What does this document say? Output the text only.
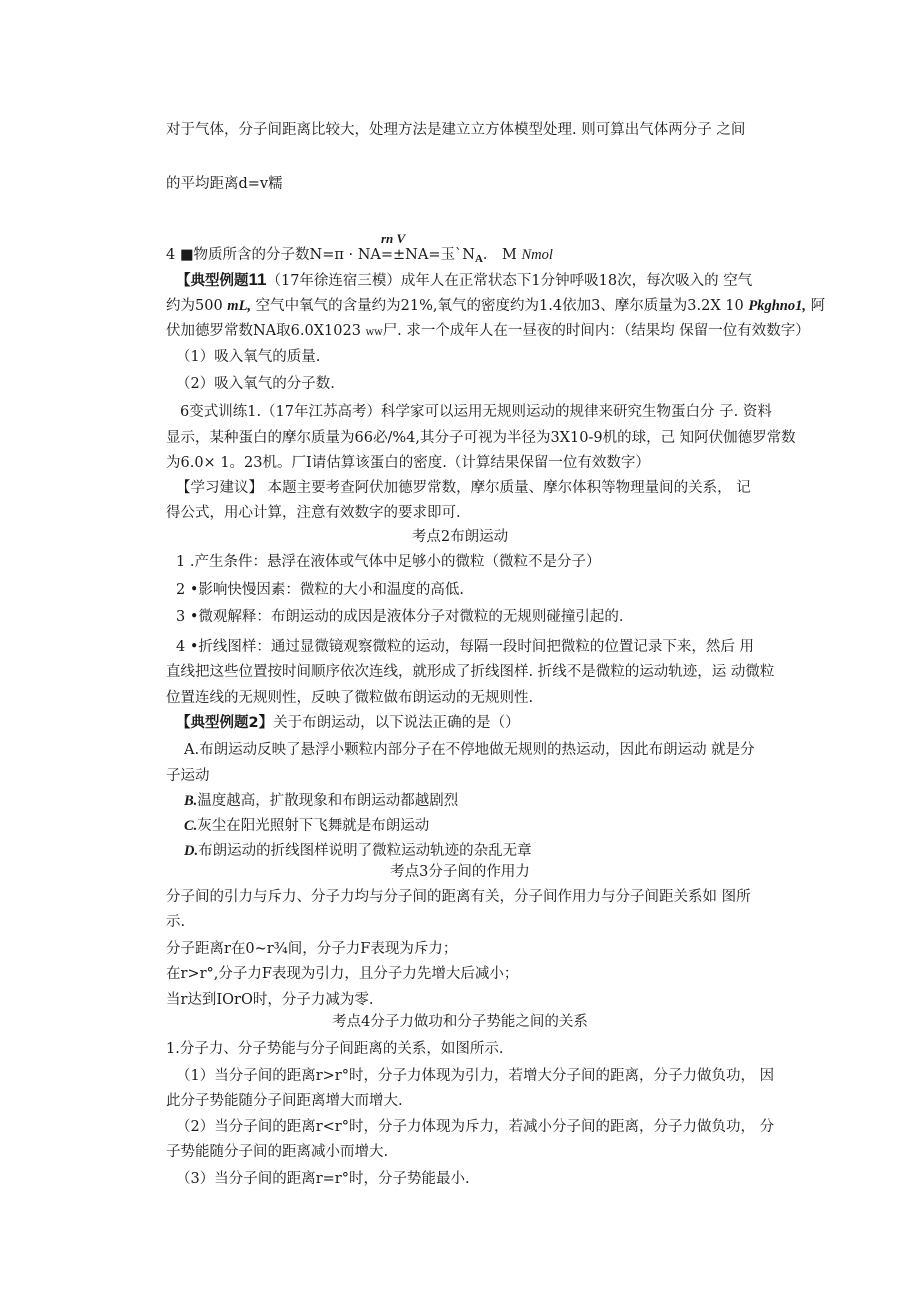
对于气体，分子间距离比较大，处理方法是建立立方体模型处理. 则可算出气体两分子 之间
的平均距离d=v糯
rn V
4 ■物质所含的分子数N=π · NA=±NA=玉$`N_A$． M Nmol
【典型例题11（17年徐连宿三模）成年人在正常状态下1分钟呼吸18次，每次吸入的 空气
约为500 mL, 空气中氧气的含量约为21%,氧气的密度约为1.4依加3、摩尔质量为3.2X 10 Pkghno1, 阿
伏加德罗常数NA取6.0X1023 ww尸. 求一个成年人在一昼夜的时间内：（结果均 保留一位有效数字）
（1）吸入氧气的质量.
（2）吸入氧气的分子数.
6变式训练1.（17年江苏高考）科学家可以运用无规则运动的规律来研究生物蛋白分 子. 资料
显示，某种蛋白的摩尔质量为66必/%4,其分子可视为半径为3X10-9机的球，己 知阿伏伽德罗常数
为6.0× 1。23机。厂I请估算该蛋白的密度.（计算结果保留一位有效数字）
【学习建议】 本题主要考查阿伏加德罗常数，摩尔质量、摩尔体积等物理量间的关系， 记
得公式，用心计算，注意有效数字的要求即可.
考点2布朗运动
1 .产生条件：悬浮在液体或气体中足够小的微粒（微粒不是分子）
2 •影响快慢因素：微粒的大小和温度的高低.
3 •微观解释：布朗运动的成因是液体分子对微粒的无规则碰撞引起的.
4 •折线图样：通过显微镜观察微粒的运动，每隔一段时间把微粒的位置记录下来，然后 用
直线把这些位置按时间顺序依次连线，就形成了折线图样. 折线不是微粒的运动轨迹，运 动微粒
位置连线的无规则性，反映了微粒做布朗运动的无规则性.
【典型例题2】关于布朗运动，以下说法正确的是（）
A.布朗运动反映了悬浮小颗粒内部分子在不停地做无规则的热运动，因此布朗运动 就是分
子运动
B.温度越高，扩散现象和布朗运动都越剧烈
C.灰尘在阳光照射下飞舞就是布朗运动
D.布朗运动的折线图样说明了微粒运动轨迹的杂乱无章
考点3分子间的作用力
分子间的引力与斥力、分子力均与分子间的距离有关，分子间作用力与分子间距关系如 图所
示.
分子距离r在0~r¾间，分子力F表现为斥力；
在r>r°,分子力F表现为引力，且分子力先增大后减小；
当r达到IOrO时，分子力减为零.
考点4分子力做功和分子势能之间的关系
1.分子力、分子势能与分子间距离的关系，如图所示.
（1）当分子间的距离r>r°时，分子力体现为引力，若增大分子间的距离，分子力做负功， 因
此分子势能随分子间距离增大而增大.
（2）当分子间的距离r<r°时，分子力体现为斥力，若减小分子间的距离，分子力做负功， 分
子势能随分子间的距离减小而增大.
（3）当分子间的距离r=r°时，分子势能最小.
